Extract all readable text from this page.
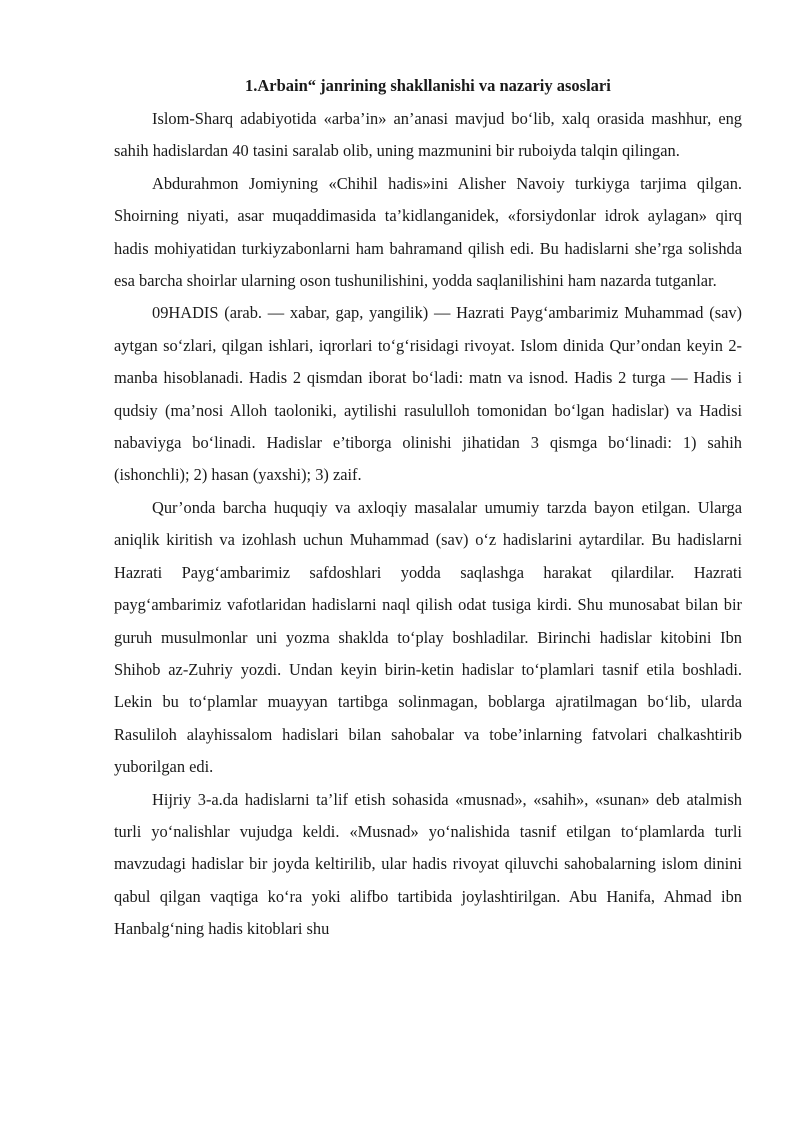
1.Arbain“ janrining shakllanishi va nazariy asoslari

Islom-Sharq adabiyotida «arba’in» an’anasi mavjud bo‘lib, xalq orasida mashhur, eng sahih hadislardan 40 tasini saralab olib, uning mazmunini bir ruboiyda talqin qilingan.

Abdurahmon Jomiyning «Chihil hadis»ini Alisher Navoiy turkiyga tarjima qilgan. Shoirning niyati, asar muqaddimasida ta’kidlanganidek, «forsiydonlar idrok aylagan» qirq hadis mohiyatidan turkiyzabonlarni ham bahramand qilish edi. Bu hadislarni she’rga solishda esa barcha shoirlar ularning oson tushunilishini, yodda saqlanilishini ham nazarda tutganlar.

09HADIS (arab. — xabar, gap, yangilik) — Hazrati Payg‘ambarimiz Muhammad (sav) aytgan so‘zlari, qilgan ishlari, iqrorlari to‘g‘risidagi rivoyat. Islom dinida Qur’ondan keyin 2-manba hisoblanadi. Hadis 2 qismdan iborat bo‘ladi: matn va isnod. Hadis 2 turga — Hadis i qudsiy (ma’nosi Alloh taoloniki, aytilishi rasululloh tomonidan bo‘lgan hadislar) va Hadisi nabaviyga bo‘linadi. Hadislar e’tiborga olinishi jihatidan 3 qismga bo‘linadi: 1) sahih (ishonchli); 2) hasan (yaxshi); 3) zaif.

Qur’onda barcha huquqiy va axloqiy masalalar umumiy tarzda bayon etilgan. Ularga aniqlik kiritish va izohlash uchun Muhammad (sav) o‘z hadislarini aytardilar. Bu hadislarni Hazrati Payg‘ambarimiz safdoshlari yodda saqlashga harakat qilardilar. Hazrati payg‘ambarimiz vafotlaridan hadislarni naql qilish odat tusiga kirdi. Shu munosabat bilan bir guruh musulmonlar uni yozma shaklda to‘play boshladilar. Birinchi hadislar kitobini Ibn Shihob az-Zuhriy yozdi. Undan keyin birin-ketin hadislar to‘plamlari tasnif etila boshladi. Lekin bu to‘plamlar muayyan tartibga solinmagan, boblarga ajratilmagan bo‘lib, ularda Rasuliloh alayhissalom hadislari bilan sahobalar va tobe’inlarning fatvolari chalkashtirib yuborilgan edi.

Hijriy 3-a.da hadislarni ta’lif etish sohasida «musnad», «sahih», «sunan» deb atalmish turli yo‘nalishlar vujudga keldi. «Musnad» yo‘nalishida tasnif etilgan to‘plamlarda turli mavzudagi hadislar bir joyda keltirilib, ular hadis rivoyat qiluvchi sahobalarning islom dinini qabul qilgan vaqtiga ko‘ra yoki alifbo tartibida joylashtirilgan. Abu Hanifa, Ahmad ibn Hanbalg‘ning hadis kitoblari shu
